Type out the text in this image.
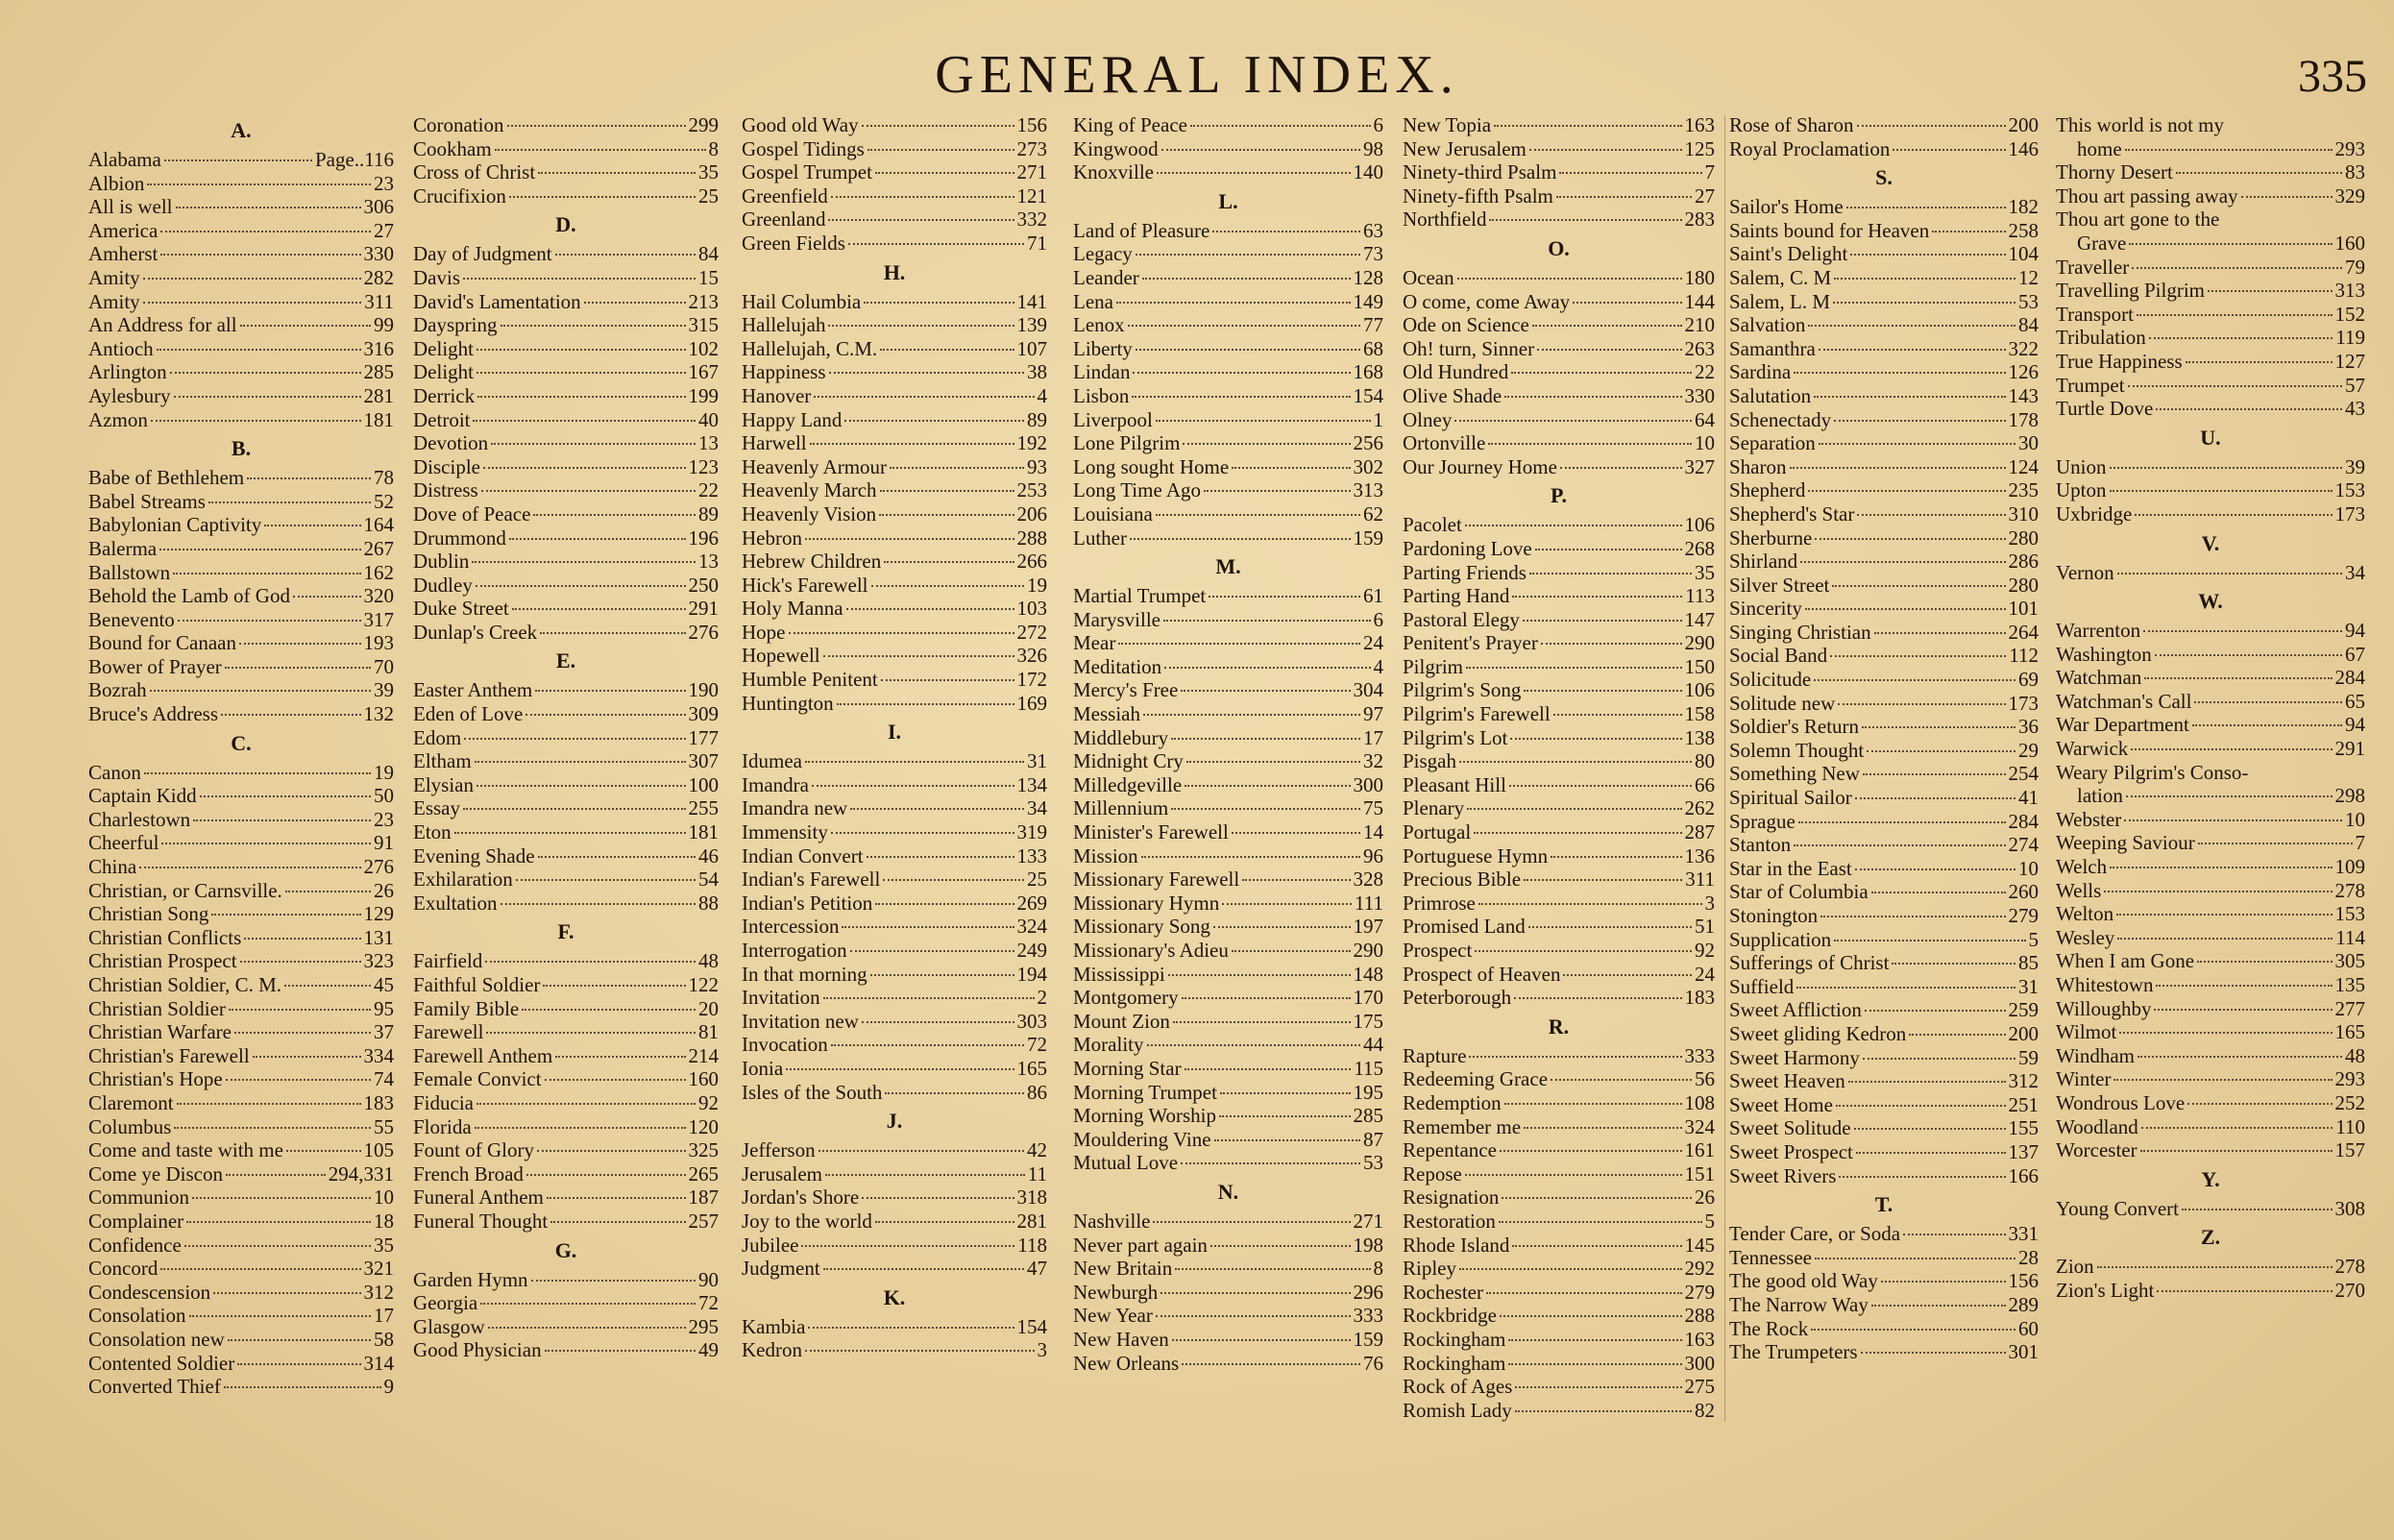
GENERAL INDEX.	335
A.
Alabama	Page..116
Albion	23
All is well	306
America	27
Amherst	330
Amity	282
Amity	311
An Address for all	99
Antioch	316
Arlington	285
Aylesbury	281
Azmon	181
B.
Babe of Bethlehem	78
Babel Streams	52
Babylonian Captivity	164
Balerma	267
Ballstown	162
Behold the Lamb of God	320
Benevento	317
Bound for Canaan	193
Bower of Prayer	70
Bozrah	39
Bruce's Address	132
C.
Canon	19
Captain Kidd	50
Charlestown	23
Cheerful	91
China	276
Christian, or Carnsville.	26
Christian Song	129
Christian Conflicts	131
Christian Prospect	323
Christian Soldier, C. M.	45
Christian Soldier	95
Christian Warfare	37
Christian's Farewell	334
Christian's Hope	74
Claremont	183
Columbus	55
Come and taste with me	105
Come ye Discon	294,331
Communion	10
Complainer	18
Confidence	35
Concord	321
Condescension	312
Consolation	17
Consolation new	58
Contented Soldier	314
Converted Thief	9
Coronation	299
Cookham	8
Cross of Christ	35
Crucifixion	25
D.
Day of Judgment	84
Davis	15
David's Lamentation	213
Dayspring	315
Delight	102
Delight	167
Derrick	199
Detroit	40
Devotion	13
Disciple	123
Distress	22
Dove of Peace	89
Drummond	196
Dublin	13
Dudley	250
Duke Street	291
Dunlap's Creek	276
E.
Easter Anthem	190
Eden of Love	309
Edom	177
Eltham	307
Elysian	100
Essay	255
Eton	181
Evening Shade	46
Exhilaration	54
Exultation	88
F.
Fairfield	48
Faithful Soldier	122
Family Bible	20
Farewell	81
Farewell Anthem	214
Female Convict	160
Fiducia	92
Florida	120
Fount of Glory	325
French Broad	265
Funeral Anthem	187
Funeral Thought	257
G.
Garden Hymn	90
Georgia	72
Glasgow	295
Good Physician	49
Good old Way	156
Gospel Tidings	273
Gospel Trumpet	271
Greenfield	121
Greenland	332
Green Fields	71
H.
Hail Columbia	141
Hallelujah	139
Hallelujah, C.M.	107
Happiness	38
Hanover	4
Happy Land	89
Harwell	192
Heavenly Armour	93
Heavenly March	253
Heavenly Vision	206
Hebron	288
Hebrew Children	266
Hick's Farewell	19
Holy Manna	103
Hope	272
Hopewell	326
Humble Penitent	172
Huntington	169
I.
Idumea	31
Imandra	134
Imandra new	34
Immensity	319
Indian Convert	133
Indian's Farewell	25
Indian's Petition	269
Intercession	324
Interrogation	249
In that morning	194
Invitation	2
Invitation new	303
Invocation	72
Ionia	165
Isles of the South	86
J.
Jefferson	42
Jerusalem	11
Jordan's Shore	318
Joy to the world	281
Jubilee	118
Judgment	47
K.
Kambia	154
Kedron	3
King of Peace	6
Kingwood	98
Knoxville	140
L.
Land of Pleasure	63
Legacy	73
Leander	128
Lena	149
Lenox	77
Liberty	68
Lindan	168
Lisbon	154
Liverpool	1
Lone Pilgrim	256
Long sought Home	302
Long Time Ago	313
Louisiana	62
Luther	159
M.
Martial Trumpet	61
Marysville	6
Mear	24
Meditation	4
Mercy's Free	304
Messiah	97
Middlebury	17
Midnight Cry	32
Milledgeville	300
Millennium	75
Minister's Farewell	14
Mission	96
Missionary Farewell	328
Missionary Hymn	111
Missionary Song	197
Missionary's Adieu	290
Mississippi	148
Montgomery	170
Mount Zion	175
Morality	44
Morning Star	115
Morning Trumpet	195
Morning Worship	285
Mouldering Vine	87
Mutual Love	53
N.
Nashville	271
Never part again	198
New Britain	8
Newburgh	296
New Year	333
New Haven	159
New Orleans	76
New Topia	163
New Jerusalem	125
Ninety-third Psalm	7
Ninety-fifth Psalm	27
Northfield	283
O.
Ocean	180
O come, come Away	144
Ode on Science	210
Oh! turn, Sinner	263
Old Hundred	22
Olive Shade	330
Olney	64
Ortonville	10
Our Journey Home	327
P.
Pacolet	106
Pardoning Love	268
Parting Friends	35
Parting Hand	113
Pastoral Elegy	147
Penitent's Prayer	290
Pilgrim	150
Pilgrim's Song	106
Pilgrim's Farewell	158
Pilgrim's Lot	138
Pisgah	80
Pleasant Hill	66
Plenary	262
Portugal	287
Portuguese Hymn	136
Precious Bible	311
Primrose	3
Promised Land	51
Prospect	92
Prospect of Heaven	24
Peterborough	183
R.
Rapture	333
Redeeming Grace	56
Redemption	108
Remember me	324
Repentance	161
Repose	151
Resignation	26
Restoration	5
Rhode Island	145
Ripley	292
Rochester	279
Rockbridge	288
Rockingham	163
Rockingham	300
Rock of Ages	275
Romish Lady	82
Rose of Sharon	200
Royal Proclamation	146
S.
Sailor's Home	182
Saints bound for Heaven	258
Saint's Delight	104
Salem, C. M	12
Salem, L. M	53
Salvation	84
Samanthra	322
Sardina	126
Salutation	143
Schenectady	178
Separation	30
Sharon	124
Shepherd	235
Shepherd's Star	310
Sherburne	280
Shirland	286
Silver Street	280
Sincerity	101
Singing Christian	264
Social Band	112
Solicitude	69
Solitude new	173
Soldier's Return	36
Solemn Thought	29
Something New	254
Spiritual Sailor	41
Sprague	284
Stanton	274
Star in the East	10
Star of Columbia	260
Stonington	279
Supplication	5
Sufferings of Christ	85
Suffield	31
Sweet Affliction	259
Sweet gliding Kedron	200
Sweet Harmony	59
Sweet Heaven	312
Sweet Home	251
Sweet Solitude	155
Sweet Prospect	137
Sweet Rivers	166
T.
Tender Care, or Soda	331
Tennessee	28
The good old Way	156
The Narrow Way	289
The Rock	60
The Trumpeters	301
This world is not my
home	293
Thorny Desert	83
Thou art passing away	329
Thou art gone to the
Grave	160
Traveller	79
Travelling Pilgrim	313
Transport	152
Tribulation	119
True Happiness	127
Trumpet	57
Turtle Dove	43
U.
Union	39
Upton	153
Uxbridge	173
V.
Vernon	34
W.
Warrenton	94
Washington	67
Watchman	284
Watchman's Call	65
War Department	94
Warwick	291
Weary Pilgrim's Conso-
lation	298
Webster	10
Weeping Saviour	7
Welch	109
Wells	278
Welton	153
Wesley	114
When I am Gone	305
Whitestown	135
Willoughby	277
Wilmot	165
Windham	48
Winter	293
Wondrous Love	252
Woodland	110
Worcester	157
Y.
Young Convert	308
Z.
Zion	278
Zion's Light	270
